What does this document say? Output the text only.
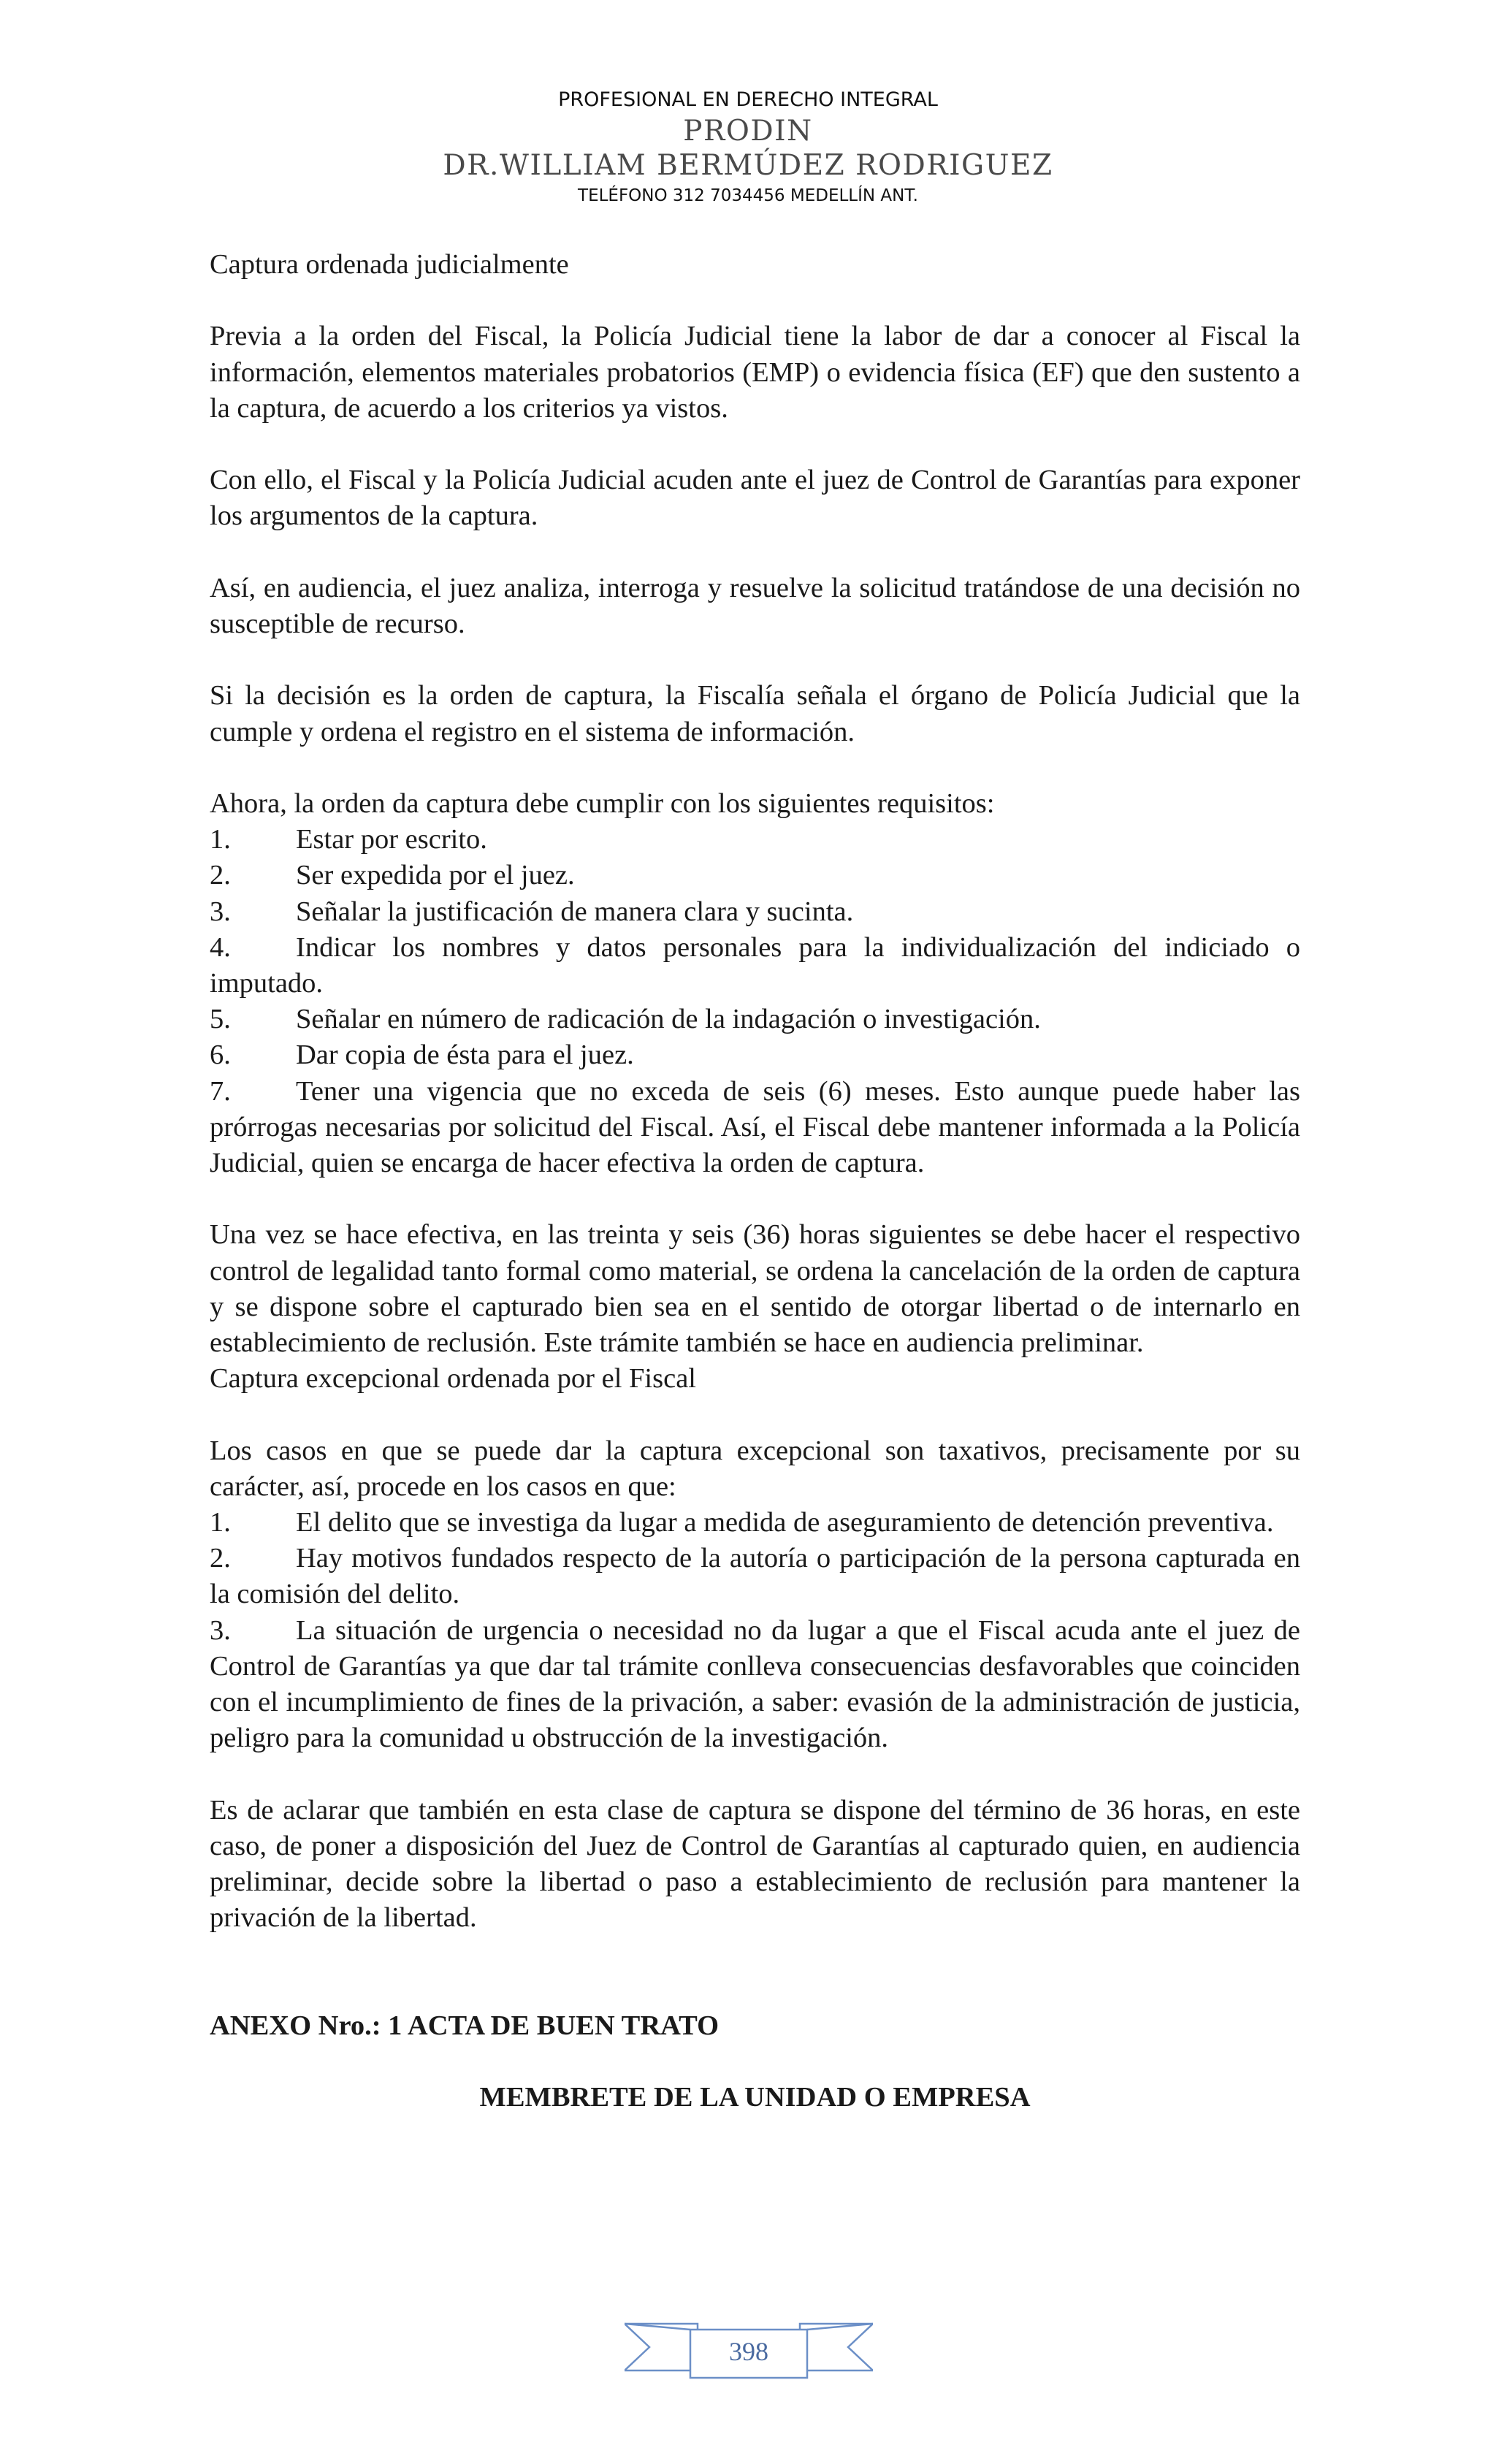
PROFESIONAL EN DERECHO INTEGRAL
PRODIN
DR.WILLIAM BERMÚDEZ RODRIGUEZ
TELÉFONO 312 7034456 MEDELLÍN ANT.

Captura ordenada judicialmente

Previa a la orden del Fiscal, la Policía Judicial tiene la labor de dar a conocer al Fiscal la información, elementos materiales probatorios (EMP) o evidencia física (EF) que den sustento a la captura, de acuerdo a los criterios ya vistos.

Con ello, el Fiscal y la Policía Judicial acuden ante el juez de Control de Garantías para exponer los argumentos de la captura.

Así, en audiencia, el juez analiza, interroga y resuelve la solicitud tratándose de una decisión no susceptible de recurso.

Si la decisión es la orden de captura, la Fiscalía señala el órgano de Policía Judicial que la cumple y ordena el registro en el sistema de información.

Ahora, la orden da captura debe cumplir con los siguientes requisitos:

1.	Estar por escrito.

2.	Ser expedida por el juez.

3.	Señalar la justificación de manera clara y sucinta.

4. Indicar los nombres y datos personales para la individualización del indiciado o imputado.

5.	Señalar en número de radicación de la indagación o investigación.

6.	Dar copia de ésta para el juez.

7. Tener una vigencia que no exceda de seis (6) meses. Esto aunque puede haber las prórrogas necesarias por solicitud del Fiscal. Así, el Fiscal debe mantener informada a la Policía Judicial, quien se encarga de hacer efectiva la orden de captura.

Una vez se hace efectiva, en las treinta y seis (36) horas siguientes se debe hacer el respectivo control de legalidad tanto formal como material, se ordena la cancelación de la orden de captura y se dispone sobre el capturado bien sea en el sentido de otorgar libertad o de internarlo en establecimiento de reclusión. Este trámite también se hace en audiencia preliminar.

Captura excepcional ordenada por el Fiscal

Los casos en que se puede dar la captura excepcional son taxativos, precisamente por su carácter, así, procede en los casos en que:

1. El delito que se investiga da lugar a medida de aseguramiento de detención preventiva.

2. Hay motivos fundados respecto de la autoría o participación de la persona capturada en la comisión del delito.

3. La situación de urgencia o necesidad no da lugar a que el Fiscal acuda ante el juez de Control de Garantías ya que dar tal trámite conlleva consecuencias desfavorables que coinciden con el incumplimiento de fines de la privación, a saber: evasión de la administración de justicia, peligro para la comunidad u obstrucción de la investigación.

Es de aclarar que también en esta clase de captura se dispone del término de 36 horas, en este caso, de poner a disposición del Juez de Control de Garantías al capturado quien, en audiencia preliminar, decide sobre la libertad o paso a establecimiento de reclusión para mantener la privación de la libertad.

ANEXO Nro.: 1 ACTA DE BUEN TRATO

MEMBRETE DE LA UNIDAD O EMPRESA

398
